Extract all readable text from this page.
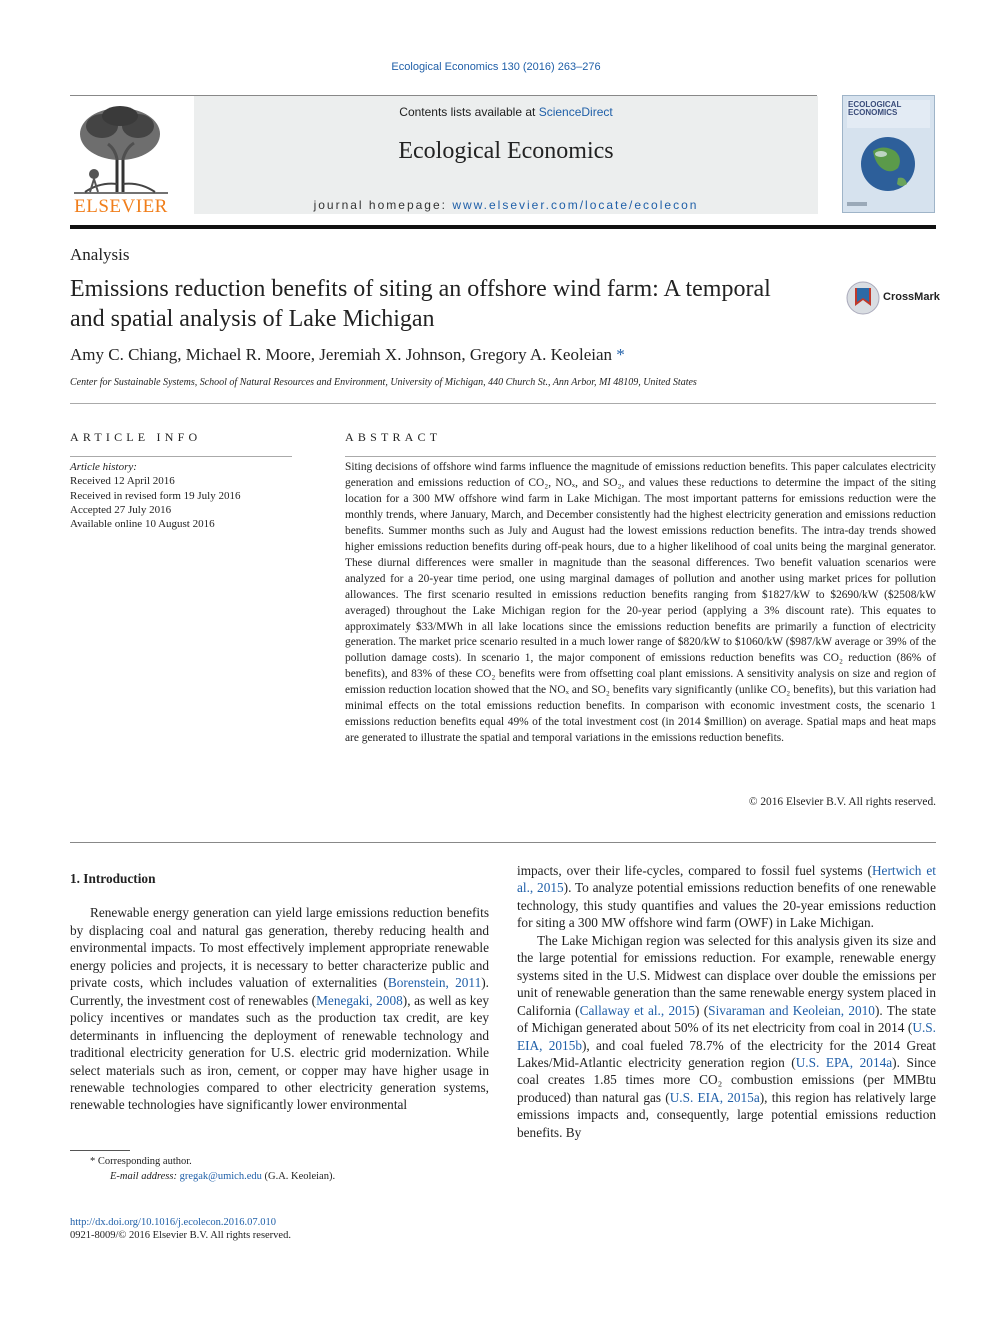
Ecological Economics 130 (2016) 263–276
ELSEVIER
Contents lists available at ScienceDirect
Ecological Economics
journal homepage: www.elsevier.com/locate/ecolecon
ECOLOGICAL ECONOMICS
Analysis
Emissions reduction benefits of siting an offshore wind farm: A temporal and spatial analysis of Lake Michigan
CrossMark
Amy C. Chiang, Michael R. Moore, Jeremiah X. Johnson, Gregory A. Keoleian *
Center for Sustainable Systems, School of Natural Resources and Environment, University of Michigan, 440 Church St., Ann Arbor, MI 48109, United States
ARTICLE INFO	ABSTRACT
Article history:
Received 12 April 2016
Received in revised form 19 July 2016
Accepted 27 July 2016
Available online 10 August 2016

Siting decisions of offshore wind farms influence the magnitude of emissions reduction benefits. This paper calculates electricity generation and emissions reduction of CO₂, NOₓ, and SO₂, and values these reductions to determine the impact of the siting location for a 300 MW offshore wind farm in Lake Michigan. The most important patterns for emissions reduction were the monthly trends, where January, March, and December consistently had the highest electricity generation and emissions reduction benefits. Summer months such as July and August had the lowest emissions reduction benefits. The intra-day trends showed higher emissions reduction benefits during off-peak hours, due to a higher likelihood of coal units being the marginal generator. These diurnal differences were smaller in magnitude than the seasonal differences. Two benefit valuation scenarios were analyzed for a 20-year time period, one using marginal damages of pollution and another using market prices for pollution allowances. The first scenario resulted in emissions reduction benefits ranging from $1827/kW to $2690/kW ($2508/kW averaged) throughout the Lake Michigan region for the 20-year period (applying a 3% discount rate). This equates to approximately $33/MWh in all lake locations since the emissions reduction benefits are primarily a function of electricity generation. The market price scenario resulted in a much lower range of $820/kW to $1060/kW ($987/kW average or 39% of the pollution damage costs). In scenario 1, the major component of emissions reduction benefits was CO₂ reduction (86% of benefits), and 83% of these CO₂ benefits were from offsetting coal plant emissions. A sensitivity analysis on size and region of emission reduction location showed that the NOₓ and SO₂ benefits vary significantly (unlike CO₂ benefits), but this variation had minimal effects on the total emissions reduction benefits. In comparison with economic investment costs, the scenario 1 emissions reduction benefits equal 49% of the total investment cost (in 2014 $million) on average. Spatial maps and heat maps are generated to illustrate the spatial and temporal variations in the emissions reduction benefits.

© 2016 Elsevier B.V. All rights reserved.

1. Introduction

Renewable energy generation can yield large emissions reduction benefits by displacing coal and natural gas generation, thereby reducing health and environmental impacts. To most effectively implement appropriate renewable energy policies and projects, it is necessary to better characterize public and private costs, which includes valuation of externalities (Borenstein, 2011). Currently, the investment cost of renewables (Menegaki, 2008), as well as key policy incentives or mandates such as the production tax credit, are key determinants in influencing the deployment of renewable technology and traditional electricity generation for U.S. electric grid modernization. While select materials such as iron, cement, or copper may have higher usage in renewable technologies compared to other electricity generation systems, renewable technologies have significantly lower environmental

impacts, over their life-cycles, compared to fossil fuel systems (Hertwich et al., 2015). To analyze potential emissions reduction benefits of one renewable technology, this study quantifies and values the 20-year emissions reduction for siting a 300 MW offshore wind farm (OWF) in Lake Michigan.

The Lake Michigan region was selected for this analysis given its size and the large potential for emissions reduction. For example, renewable energy systems sited in the U.S. Midwest can displace over double the emissions per unit of renewable generation than the same renewable energy system placed in California (Callaway et al., 2015) (Sivaraman and Keoleian, 2010). The state of Michigan generated about 50% of its net electricity from coal in 2014 (U.S. EIA, 2015b), and coal fueled 78.7% of the electricity for the 2014 Great Lakes/Mid-Atlantic electricity generation region (U.S. EPA, 2014a). Since coal creates 1.85 times more CO₂ combustion emissions (per MMBtu produced) than natural gas (U.S. EIA, 2015a), this region has relatively large emissions impacts and, consequently, large potential emissions reduction benefits. By

* Corresponding author.
E-mail address: gregak@umich.edu (G.A. Keoleian).
http://dx.doi.org/10.1016/j.ecolecon.2016.07.010
0921-8009/© 2016 Elsevier B.V. All rights reserved.
